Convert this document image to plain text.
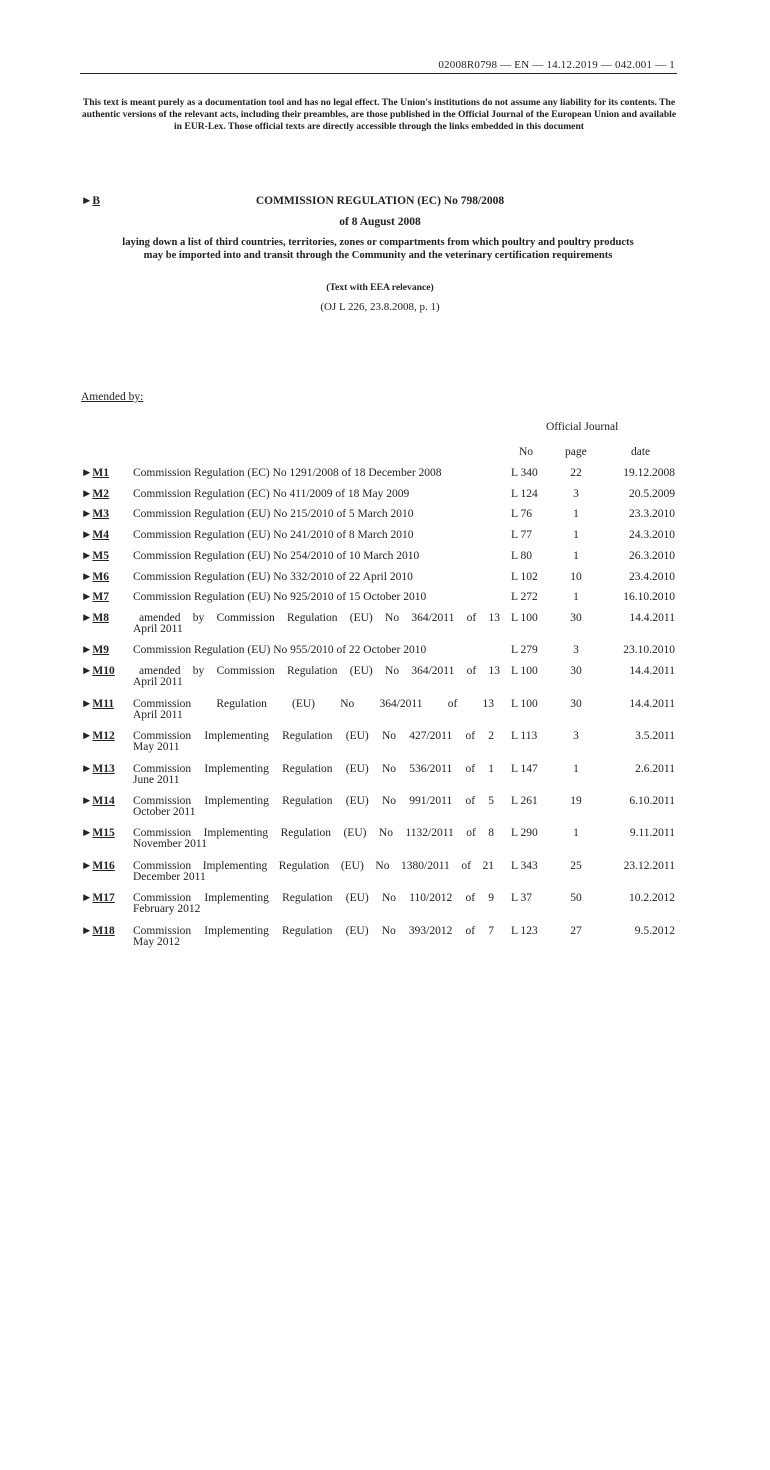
02008R0798 — EN — 14.12.2019 — 042.001 — 1
This text is meant purely as a documentation tool and has no legal effect. The Union's institutions do not assume any liability for its contents. The authentic versions of the relevant acts, including their preambles, are those published in the Official Journal of the European Union and available in EUR-Lex. Those official texts are directly accessible through the links embedded in this document
►B	COMMISSION REGULATION (EC) No 798/2008
of 8 August 2008
laying down a list of third countries, territories, zones or compartments from which poultry and poultry products may be imported into and transit through the Community and the veterinary certification requirements
(Text with EEA relevance)
(OJ L 226, 23.8.2008, p. 1)
Amended by:
Official Journal
No	page	date
►M1 Commission Regulation (EC) No 1291/2008 of 18 December 2008	L 340	22	19.12.2008
►M2 Commission Regulation (EC) No 411/2009 of 18 May 2009	L 124	3	20.5.2009
►M3 Commission Regulation (EU) No 215/2010 of 5 March 2010	L 76	1	23.3.2010
►M4 Commission Regulation (EU) No 241/2010 of 8 March 2010	L 77	1	24.3.2010
►M5 Commission Regulation (EU) No 254/2010 of 10 March 2010	L 80	1	26.3.2010
►M6 Commission Regulation (EU) No 332/2010 of 22 April 2010	L 102	10	23.4.2010
►M7 Commission Regulation (EU) No 925/2010 of 15 October 2010	L 272	1	16.10.2010
►M8	amended by Commission Regulation (EU) No 364/2011 of 13
April 2011
L 100	30	14.4.2011
►M9 Commission Regulation (EU) No 955/2010 of 22 October 2010	L 279	3	23.10.2010
►M10 amended by Commission Regulation (EU) No 364/2011 of 13
April 2011
L 100	30	14.4.2011
►M11 Commission Regulation (EU) No 364/2011 of 13
April 2011
L 100	30	14.4.2011
►M12 Commission Implementing Regulation (EU) No 427/2011 of 2
May 2011
L 113	3	3.5.2011
►M13 Commission Implementing Regulation (EU) No 536/2011 of 1
June 2011
L 147	1	2.6.2011
►M14 Commission Implementing Regulation (EU) No 991/2011 of 5
October 2011
L 261	19	6.10.2011
►M15 Commission Implementing Regulation (EU) No 1132/2011 of 8
November 2011
L 290	1	9.11.2011
►M16 Commission Implementing Regulation (EU) No 1380/2011 of 21
December 2011
L 343	25	23.12.2011
►M17 Commission Implementing Regulation (EU) No 110/2012 of 9
February 2012
L 37	50	10.2.2012
►M18 Commission Implementing Regulation (EU) No 393/2012 of 7
May 2012
L 123	27	9.5.2012
